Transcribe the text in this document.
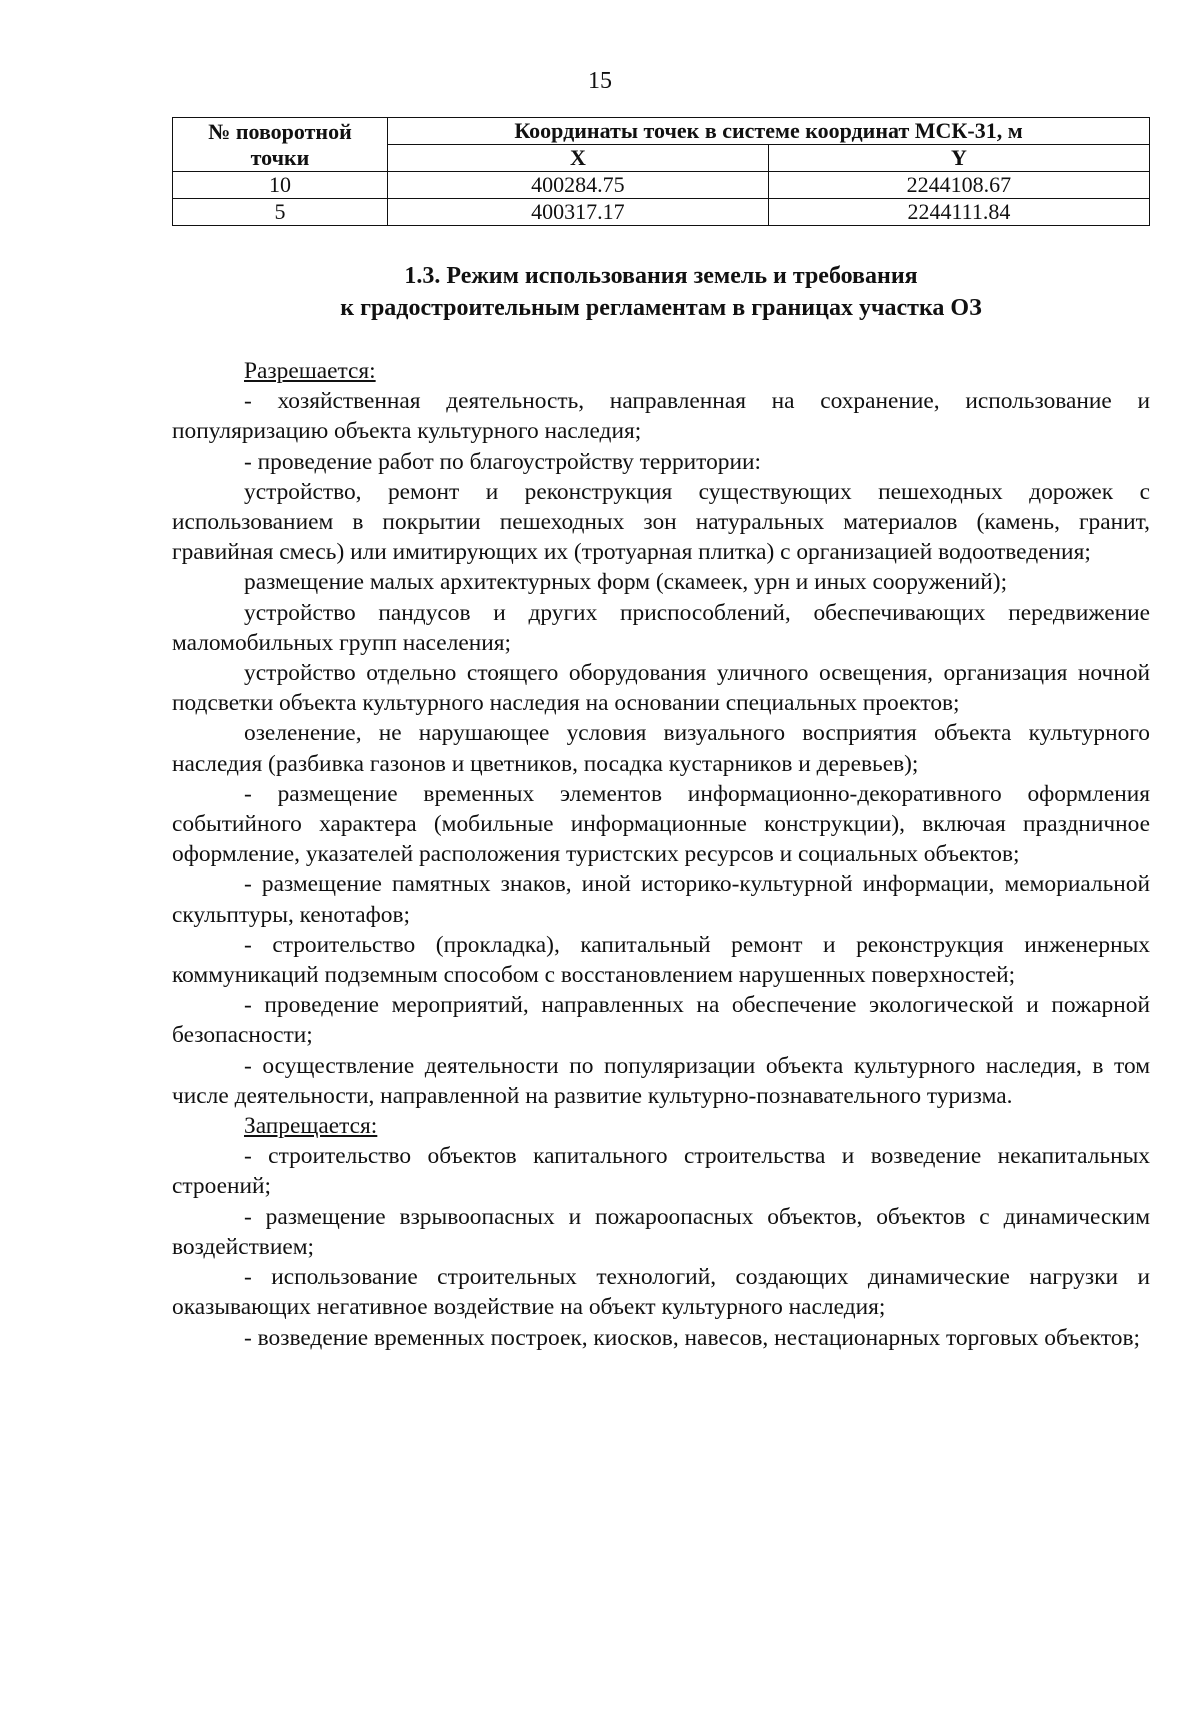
15
№ поворотной точки	Координаты точек в системе координат МСК-31, м	
	X	Y
10	400284.75	2244108.67
5	400317.17	2244111.84
1.3. Режим использования земель и требования
к градостроительным регламентам в границах участка ОЗ

Разрешается:

- хозяйственная деятельность, направленная на сохранение, использование и популяризацию объекта культурного наследия;

- проведение работ по благоустройству территории:

устройство, ремонт и реконструкция существующих пешеходных дорожек с использованием в покрытии пешеходных зон натуральных материалов (камень, гранит, гравийная смесь) или имитирующих их (тротуарная плитка) с организацией водоотведения;

размещение малых архитектурных форм (скамеек, урн и иных сооружений);

устройство пандусов и других приспособлений, обеспечивающих передвижение маломобильных групп населения;

устройство отдельно стоящего оборудования уличного освещения, организация ночной подсветки объекта культурного наследия на основании специальных проектов;

озеленение, не нарушающее условия визуального восприятия объекта культурного наследия (разбивка газонов и цветников, посадка кустарников и деревьев);

- размещение временных элементов информационно-декоративного оформления событийного характера (мобильные информационные конструкции), включая праздничное оформление, указателей расположения туристских ресурсов и социальных объектов;

- размещение памятных знаков, иной историко-культурной информации, мемориальной скульптуры, кенотафов;

- строительство (прокладка), капитальный ремонт и реконструкция инженерных коммуникаций подземным способом с восстановлением нарушенных поверхностей;

- проведение мероприятий, направленных на обеспечение экологической и пожарной безопасности;

- осуществление деятельности по популяризации объекта культурного наследия, в том числе деятельности, направленной на развитие культурно-познавательного туризма.

Запрещается:

- строительство объектов капитального строительства и возведение некапитальных строений;

- размещение взрывоопасных и пожароопасных объектов, объектов с динамическим воздействием;

- использование строительных технологий, создающих динамические нагрузки и оказывающих негативное воздействие на объект культурного наследия;

- возведение временных построек, киосков, навесов, нестационарных торговых объектов;
